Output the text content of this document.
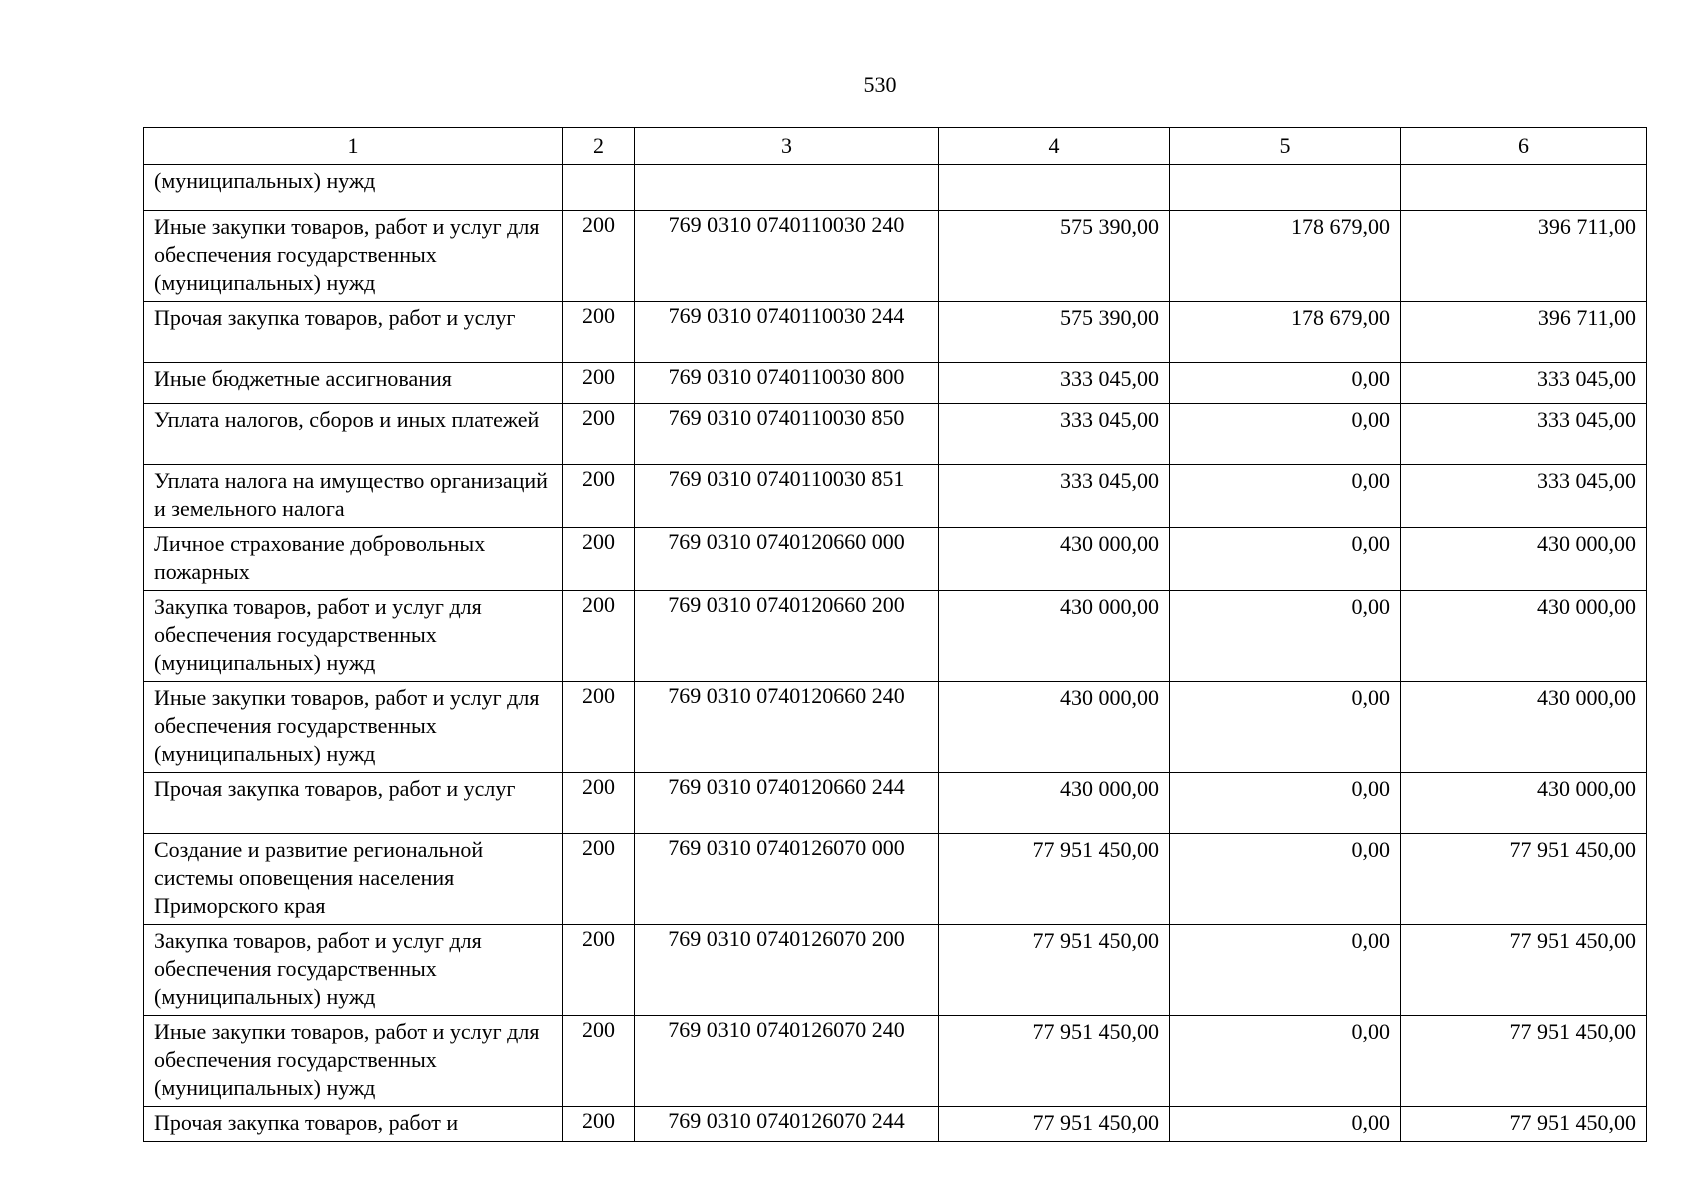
530
1	2	3	4	5	6
(муниципальных) нужд					
Иные закупки товаров, работ и услуг для обеспечения государственных (муниципальных) нужд	200	769 0310 0740110030 240	575 390,00	178 679,00	396 711,00
Прочая закупка товаров, работ и услуг	200	769 0310 0740110030 244	575 390,00	178 679,00	396 711,00
Иные бюджетные ассигнования	200	769 0310 0740110030 800	333 045,00	0,00	333 045,00
Уплата налогов, сборов и иных платежей	200	769 0310 0740110030 850	333 045,00	0,00	333 045,00
Уплата налога на имущество организаций и земельного налога	200	769 0310 0740110030 851	333 045,00	0,00	333 045,00
Личное страхование добровольных пожарных	200	769 0310 0740120660 000	430 000,00	0,00	430 000,00
Закупка товаров, работ и услуг для обеспечения государственных (муниципальных) нужд	200	769 0310 0740120660 200	430 000,00	0,00	430 000,00
Иные закупки товаров, работ и услуг для обеспечения государственных (муниципальных) нужд	200	769 0310 0740120660 240	430 000,00	0,00	430 000,00
Прочая закупка товаров, работ и услуг	200	769 0310 0740120660 244	430 000,00	0,00	430 000,00
Создание и развитие региональной системы оповещения населения Приморского края	200	769 0310 0740126070 000	77 951 450,00	0,00	77 951 450,00
Закупка товаров, работ и услуг для обеспечения государственных (муниципальных) нужд	200	769 0310 0740126070 200	77 951 450,00	0,00	77 951 450,00
Иные закупки товаров, работ и услуг для обеспечения государственных (муниципальных) нужд	200	769 0310 0740126070 240	77 951 450,00	0,00	77 951 450,00
Прочая закупка товаров, работ и	200	769 0310 0740126070 244	77 951 450,00	0,00	77 951 450,00
